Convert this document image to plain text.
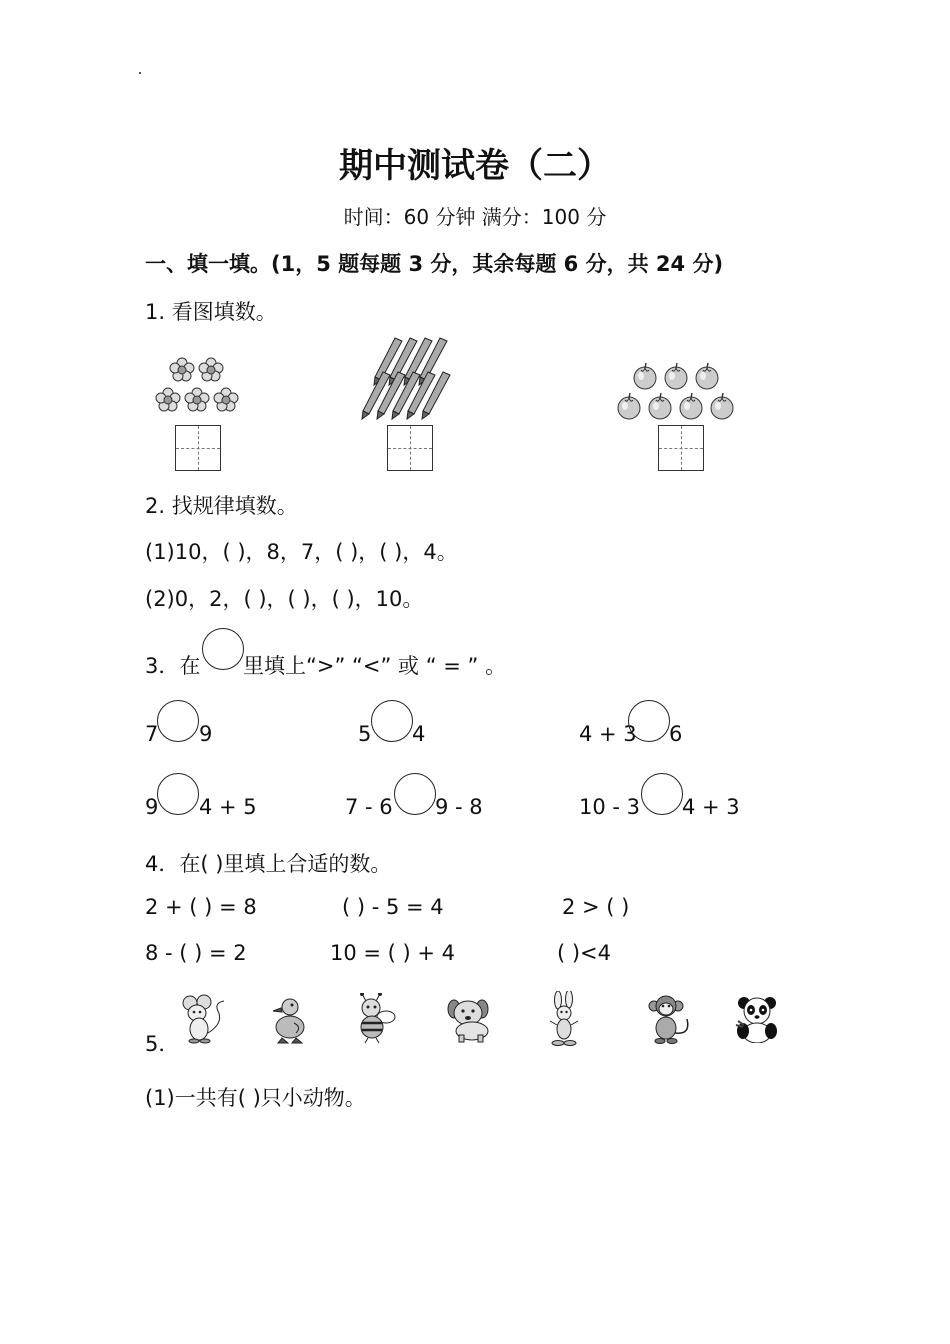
期中测试卷（二）
时间：60 分钟 满分：100 分
一、填一填。(1，5 题每题 3 分，其余每题 6 分，共 24 分)
1. 看图填数。
2. 找规律填数。
(1)10，( )，8，7，( )，( )，4。
(2)0，2，( )，( )，( )，10。
3．在 里填上“>” “<” 或 “ = ” 。
7 9	5 4	4 + 3 6
9 4 + 5	7 - 6 9 - 8	10 - 3 4 + 3
4．在( )里填上合适的数。
2 + ( ) = 8	( ) - 5 = 4	2 > ( )
8 - ( ) = 2	10 = ( ) + 4	( )<4
5．
(1)一共有( )只小动物。
